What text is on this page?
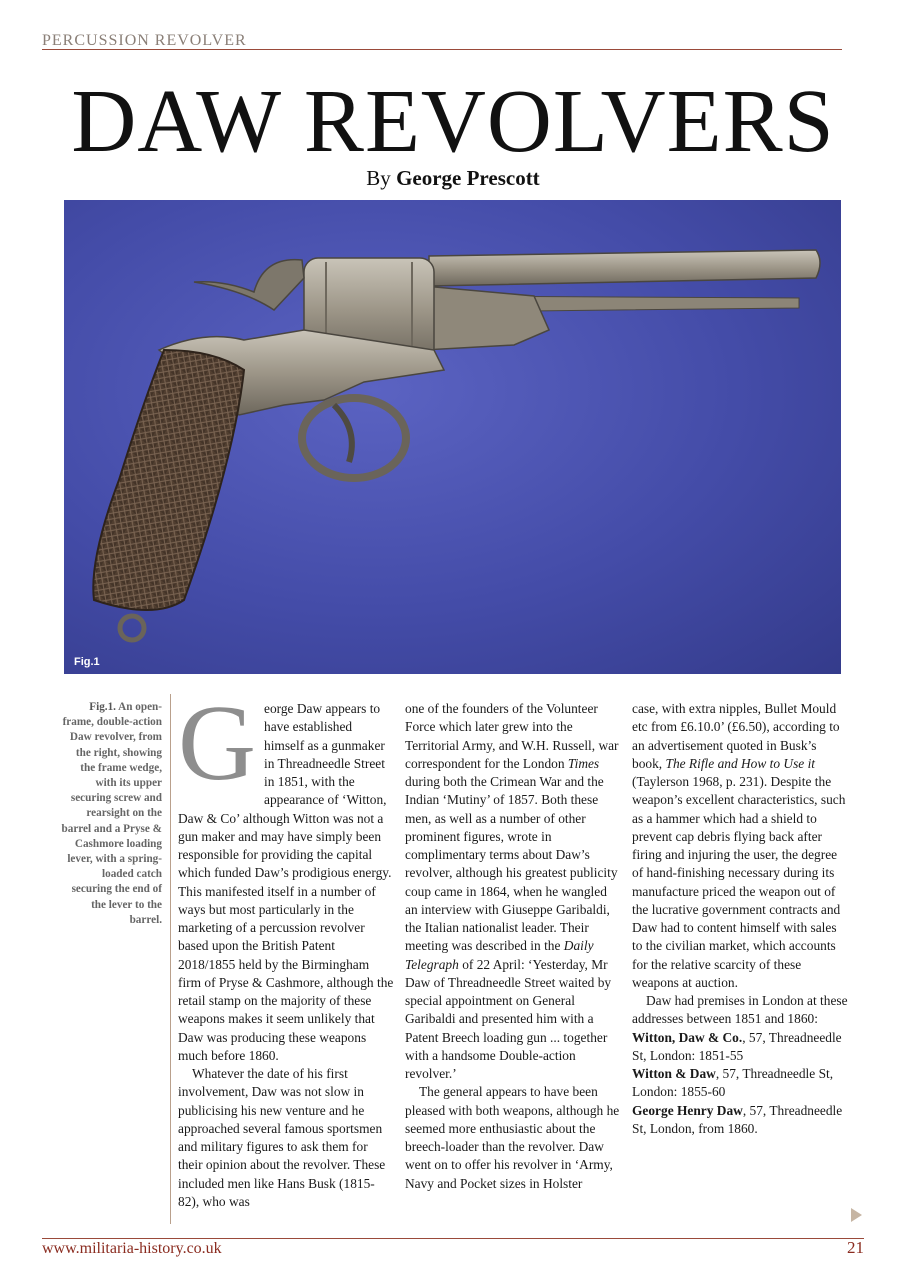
PERCUSSION REVOLVER
DAW REVOLVERS
By George Prescott
Fig.1
Fig.1. An open-frame, double-action Daw revolver, from the right, showing the frame wedge, with its upper securing screw and rearsight on the barrel and a Pryse & Cashmore loading lever, with a spring-loaded catch securing the end of the lever to the barrel.

George Daw appears to have established himself as a gunmaker in Threadneedle Street in 1851, with the appearance of ‘Witton, Daw & Co’ although Witton was not a gun maker and may have simply been responsible for providing the capital which funded Daw’s prodigious energy. This manifested itself in a number of ways but most particularly in the marketing of a percussion revolver based upon the British Patent 2018/1855 held by the Birmingham firm of Pryse & Cashmore, although the retail stamp on the majority of these weapons makes it seem unlikely that Daw was producing these weapons much before 1860.

Whatever the date of his first involvement, Daw was not slow in publicising his new venture and he approached several famous sportsmen and military figures to ask them for their opinion about the revolver. These included men like Hans Busk (1815-82), who was

one of the founders of the Volunteer Force which later grew into the Territorial Army, and W.H. Russell, war correspondent for the London Times during both the Crimean War and the Indian ‘Mutiny’ of 1857. Both these men, as well as a number of other prominent figures, wrote in complimentary terms about Daw’s revolver, although his greatest publicity coup came in 1864, when he wangled an interview with Giuseppe Garibaldi, the Italian nationalist leader. Their meeting was described in the Daily Telegraph of 22 April: ‘Yesterday, Mr Daw of Threadneedle Street waited by special appointment on General Garibaldi and presented him with a Patent Breech loading gun ... together with a handsome Double-action revolver.’

The general appears to have been pleased with both weapons, although he seemed more enthusiastic about the breech-loader than the revolver. Daw went on to offer his revolver in ‘Army, Navy and Pocket sizes in Holster

case, with extra nipples, Bullet Mould etc from £6.10.0’ (£6.50), according to an advertisement quoted in Busk’s book, The Rifle and How to Use it (Taylerson 1968, p. 231). Despite the weapon’s excellent characteristics, such as a hammer which had a shield to prevent cap debris flying back after firing and injuring the user, the degree of hand-finishing necessary during its manufacture priced the weapon out of the lucrative government contracts and Daw had to content himself with sales to the civilian market, which accounts for the relative scarcity of these weapons at auction.

Daw had premises in London at these addresses between 1851 and 1860:

Witton, Daw & Co., 57, Threadneedle St, London: 1851-55

Witton & Daw, 57, Threadneedle St, London: 1855-60

George Henry Daw, 57, Threadneedle St, London, from 1860.

www.militaria-history.co.uk	21
